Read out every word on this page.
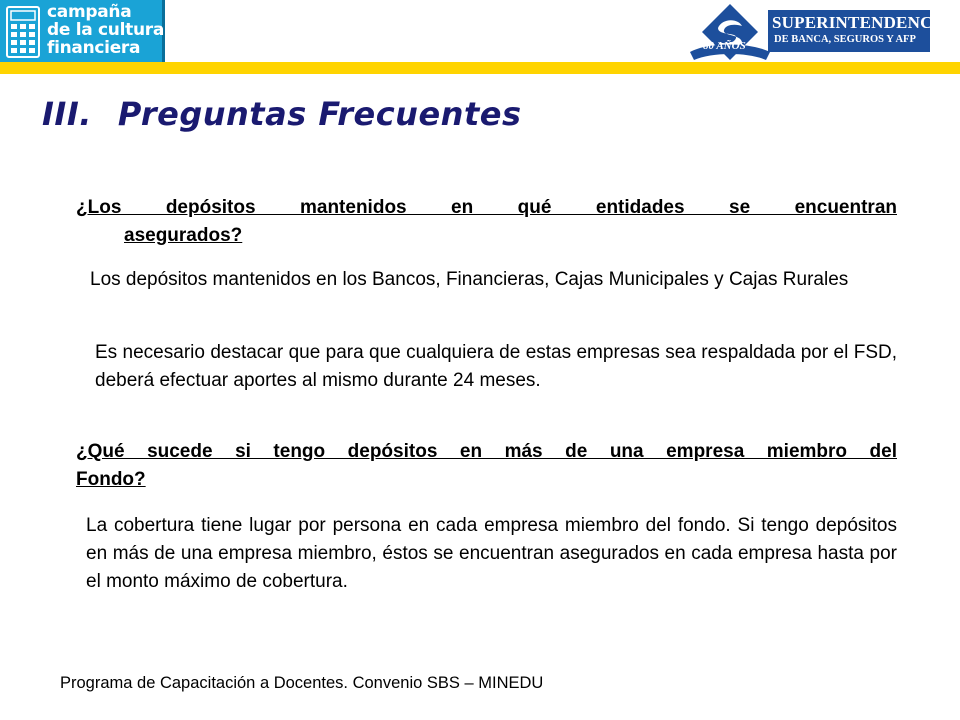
campaña
de la cultura
financiera	80 AÑOS
SUPERINTENDENCIA
DE BANCA, SEGUROS Y AFP
III. Preguntas Frecuentes
¿Los depósitos mantenidos en qué entidades se encuentran
asegurados?
Los depósitos mantenidos en los Bancos, Financieras, Cajas Municipales y Cajas Rurales
Es necesario destacar que para que cualquiera de estas empresas sea respaldada por el FSD, deberá efectuar aportes al mismo durante 24 meses.
¿Qué sucede si tengo depósitos en más de una empresa miembro del
Fondo?
La cobertura tiene lugar por persona en cada empresa miembro del fondo. Si tengo depósitos en más de una empresa miembro, éstos se encuentran asegurados en cada empresa hasta por el monto máximo de cobertura.
Programa de Capacitación a Docentes. Convenio SBS – MINEDU
